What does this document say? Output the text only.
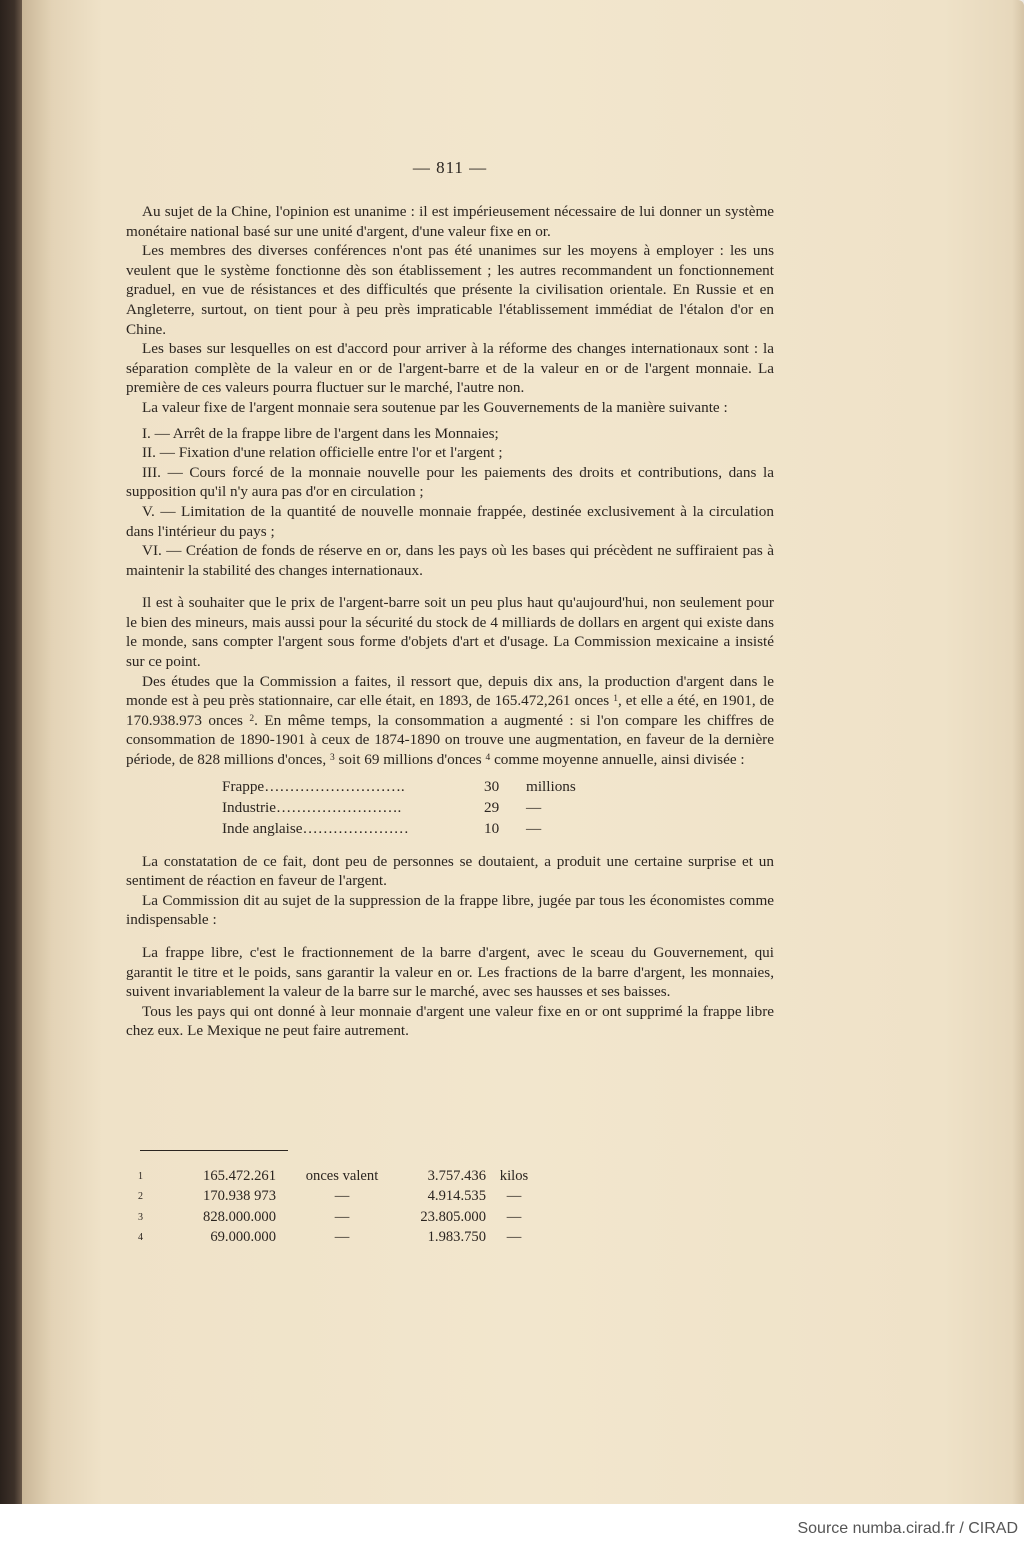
— 811 —

Au sujet de la Chine, l'opinion est unanime : il est impérieusement nécessaire de lui donner un système monétaire national basé sur une unité d'argent, d'une valeur fixe en or.

Les membres des diverses conférences n'ont pas été unanimes sur les moyens à employer : les uns veulent que le système fonctionne dès son établissement ; les autres recommandent un fonctionnement graduel, en vue de résistances et des difficultés que présente la civilisation orientale. En Russie et en Angleterre, surtout, on tient pour à peu près impraticable l'établissement immédiat de l'étalon d'or en Chine.

Les bases sur lesquelles on est d'accord pour arriver à la réforme des changes internationaux sont : la séparation complète de la valeur en or de l'argent-barre et de la valeur en or de l'argent monnaie. La première de ces valeurs pourra fluctuer sur le marché, l'autre non.

La valeur fixe de l'argent monnaie sera soutenue par les Gouvernements de la manière suivante :

I. — Arrêt de la frappe libre de l'argent dans les Monnaies;

II. — Fixation d'une relation officielle entre l'or et l'argent ;

III. — Cours forcé de la monnaie nouvelle pour les paiements des droits et contributions, dans la supposition qu'il n'y aura pas d'or en circulation ;

V. — Limitation de la quantité de nouvelle monnaie frappée, destinée exclusivement à la circulation dans l'intérieur du pays ;

VI. — Création de fonds de réserve en or, dans les pays où les bases qui précèdent ne suffiraient pas à maintenir la stabilité des changes internationaux.

Il est à souhaiter que le prix de l'argent-barre soit un peu plus haut qu'aujourd'hui, non seulement pour le bien des mineurs, mais aussi pour la sécurité du stock de 4 milliards de dollars en argent qui existe dans le monde, sans compter l'argent sous forme d'objets d'art et d'usage. La Commission mexicaine a insisté sur ce point.

Des études que la Commission a faites, il ressort que, depuis dix ans, la production d'argent dans le monde est à peu près stationnaire, car elle était, en 1893, de 165.472,261 onces $^1$, et elle a été, en 1901, de 170.938.973 onces $^2$. En même temps, la consommation a augmenté : si l'on compare les chiffres de consommation de 1890-1901 à ceux de 1874-1890 on trouve une augmentation, en faveur de la dernière période, de 828 millions d'onces, $^3$ soit 69 millions d'onces $^4$ comme moyenne annuelle, ainsi divisée :

Frappe……………………….	30	millions
Industrie…………………….	29	—
Inde anglaise…………………	10	—

La constatation de ce fait, dont peu de personnes se doutaient, a produit une certaine surprise et un sentiment de réaction en faveur de l'argent.

La Commission dit au sujet de la suppression de la frappe libre, jugée par tous les économistes comme indispensable :

La frappe libre, c'est le fractionnement de la barre d'argent, avec le sceau du Gouvernement, qui garantit le titre et le poids, sans garantir la valeur en or. Les fractions de la barre d'argent, les monnaies, suivent invariablement la valeur de la barre sur le marché, avec ses hausses et ses baisses.

Tous les pays qui ont donné à leur monnaie d'argent une valeur fixe en or ont supprimé la frappe libre chez eux. Le Mexique ne peut faire autrement.

1	165.472.261	onces valent	3.757.436	kilos
2	170.938 973	—	4.914.535	—
3	828.000.000	—	23.805.000	—
4	69.000.000	—	1.983.750	—
Source numba.cirad.fr / CIRAD
